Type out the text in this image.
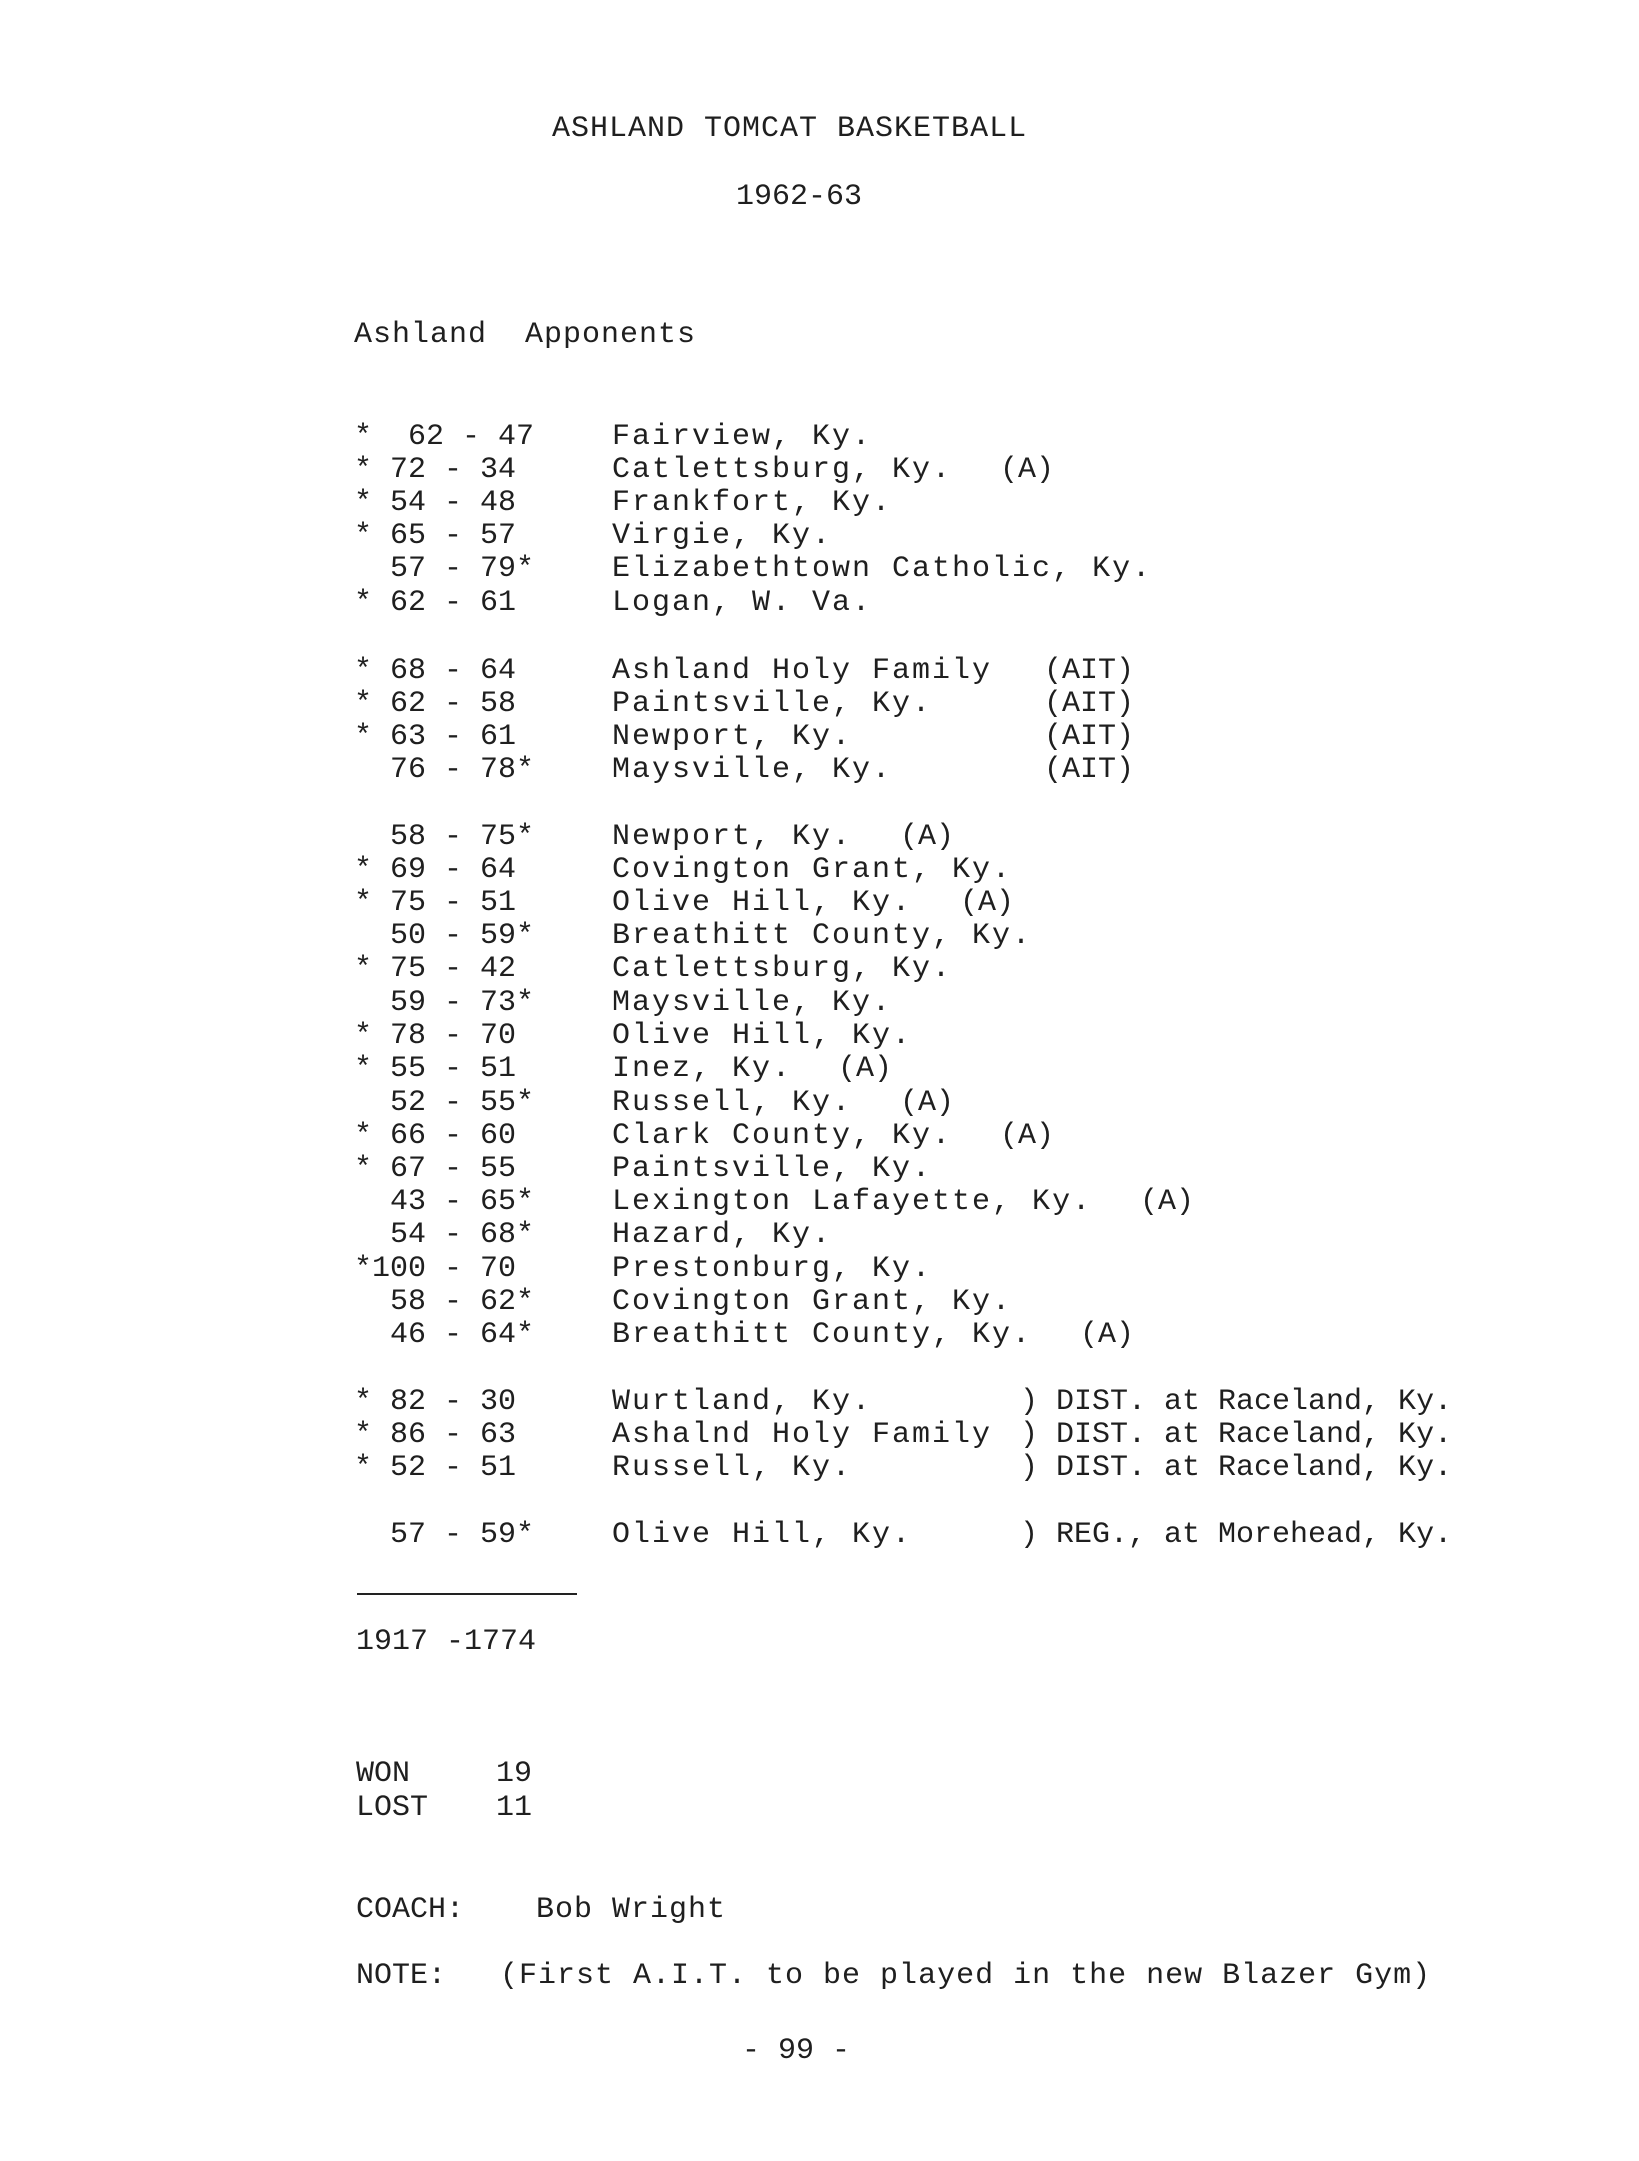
ASHLAND TOMCAT BASKETBALL
1962-63
Ashland Apponents
*  62 - 47	Fairview, Ky.
* 72 - 34	Catlettsburg, Ky. (A)
* 54 - 48	Frankfort, Ky.
* 65 - 57	Virgie, Ky.
57 - 79*	Elizabethtown Catholic, Ky.
* 62 - 61	Logan, W. Va.
* 68 - 64	Ashland Holy Family (AIT)
* 62 - 58	Paintsville, Ky.	(AIT)
* 63 - 61	Newport, Ky.	(AIT)
76 - 78*	Maysville, Ky.	(AIT)
58 - 75*	Newport, Ky. (A)
* 69 - 64	Covington Grant, Ky.
* 75 - 51	Olive Hill, Ky. (A)
50 - 59*	Breathitt County, Ky.
* 75 - 42	Catlettsburg, Ky.
59 - 73*	Maysville, Ky.
* 78 - 70	Olive Hill, Ky.
* 55 - 51	Inez, Ky. (A)
52 - 55*	Russell, Ky. (A)
* 66 - 60	Clark County, Ky. (A)
* 67 - 55	Paintsville, Ky.
43 - 65*	Lexington Lafayette, Ky. (A)
54 - 68*	Hazard, Ky.
*100 - 70	Prestonburg, Ky.
58 - 62*	Covington Grant, Ky.
46 - 64*	Breathitt County, Ky. (A)
* 82 - 30	Wurtland, Ky.	) DIST. at Raceland, Ky.
* 86 - 63	Ashalnd Holy Family ) DIST. at Raceland, Ky.
* 52 - 51	Russell, Ky.	) DIST. at Raceland, Ky.
57 - 59*	Olive Hill, Ky.	) REG., at Morehead, Ky.
1917 -1774
WON	19
LOST 11
COACH: Bob Wright
NOTE: (First A.I.T. to be played in the new Blazer Gym)
- 99 -
